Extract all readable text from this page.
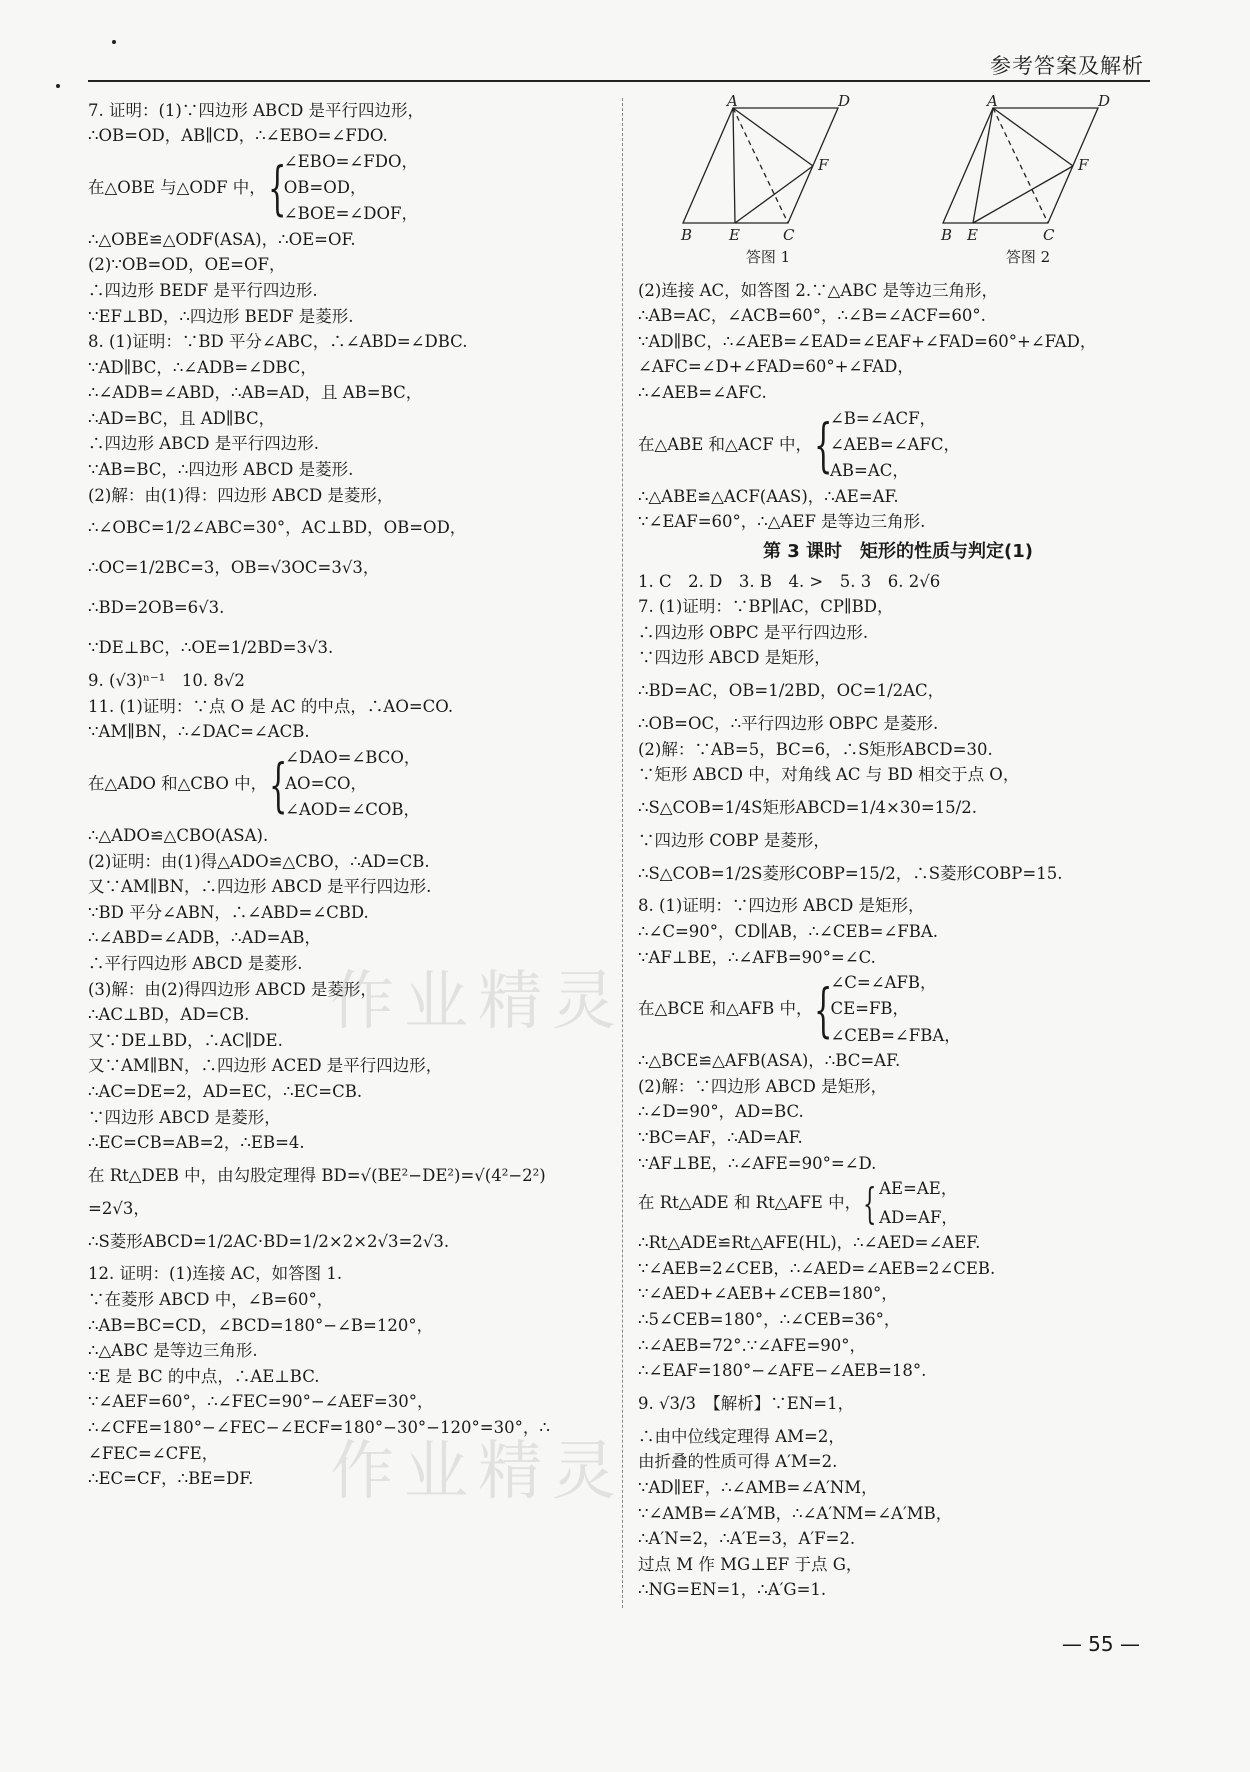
参考答案及解析
7. 证明：(1)∵四边形 ABCD 是平行四边形，
∴OB=OD，AB∥CD，∴∠EBO=∠FDO.
在△OBE 与△ODF 中， {
∠EBO=∠FDO，
OB=OD，
∠BOE=∠DOF，
∴△OBE≌△ODF(ASA)，∴OE=OF.
(2)∵OB=OD，OE=OF，
∴四边形 BEDF 是平行四边形.
∵EF⊥BD，∴四边形 BEDF 是菱形.
8. (1)证明：∵BD 平分∠ABC，∴∠ABD=∠DBC.
∵AD∥BC，∴∠ADB=∠DBC，
∴∠ADB=∠ABD，∴AB=AD，且 AB=BC，
∴AD=BC，且 AD∥BC，
∴四边形 ABCD 是平行四边形.
∵AB=BC，∴四边形 ABCD 是菱形.
(2)解：由(1)得：四边形 ABCD 是菱形，
∴∠OBC=1/2∠ABC=30°，AC⊥BD，OB=OD，
∴OC=1/2BC=3，OB=√3OC=3√3，
∴BD=2OB=6√3.
∵DE⊥BC，∴OE=1/2BD=3√3.
9. (√3)ⁿ⁻¹　10. 8√2
11. (1)证明：∵点 O 是 AC 的中点，∴AO=CO.
∵AM∥BN，∴∠DAC=∠ACB.
在△ADO 和△CBO 中， {
∠DAO=∠BCO，
AO=CO，
∠AOD=∠COB，
∴△ADO≌△CBO(ASA).
(2)证明：由(1)得△ADO≌△CBO，∴AD=CB.
又∵AM∥BN，∴四边形 ABCD 是平行四边形.
∵BD 平分∠ABN，∴∠ABD=∠CBD.
∴∠ABD=∠ADB，∴AD=AB，
∴平行四边形 ABCD 是菱形.
(3)解：由(2)得四边形 ABCD 是菱形，
∴AC⊥BD，AD=CB.
又∵DE⊥BD，∴AC∥DE.
又∵AM∥BN，∴四边形 ACED 是平行四边形，
∴AC=DE=2，AD=EC，∴EC=CB.
∵四边形 ABCD 是菱形，
∴EC=CB=AB=2，∴EB=4.
在 Rt△DEB 中，由勾股定理得 BD=√(BE²−DE²)=√(4²−2²)
=2√3，
∴S菱形ABCD=1/2AC·BD=1/2×2×2√3=2√3.
12. 证明：(1)连接 AC，如答图 1.
∵在菱形 ABCD 中，∠B=60°，
∴AB=BC=CD，∠BCD=180°−∠B=120°，
∴△ABC 是等边三角形.
∵E 是 BC 的中点，∴AE⊥BC.
∵∠AEF=60°，∴∠FEC=90°−∠AEF=30°，
∴∠CFE=180°−∠FEC−∠ECF=180°−30°−120°=30°，∴
∠FEC=∠CFE，
∴EC=CF，∴BE=DF.
A	D
F
B E	C
答图 1
A	D
F
B E	C
答图 2
(2)连接 AC，如答图 2.∵△ABC 是等边三角形，
∴AB=AC，∠ACB=60°，∴∠B=∠ACF=60°.
∵AD∥BC，∴∠AEB=∠EAD=∠EAF+∠FAD=60°+∠FAD，
∠AFC=∠D+∠FAD=60°+∠FAD，
∴∠AEB=∠AFC.
在△ABE 和△ACF 中， {
∠B=∠ACF，
∠AEB=∠AFC，
AB=AC，
∴△ABE≌△ACF(AAS)，∴AE=AF.
∵∠EAF=60°，∴△AEF 是等边三角形.
第 3 课时　矩形的性质与判定(1)
1. C　2. D　3. B　4. >　5. 3　6. 2√6
7. (1)证明：∵BP∥AC，CP∥BD，
∴四边形 OBPC 是平行四边形.
∵四边形 ABCD 是矩形，
∴BD=AC，OB=1/2BD，OC=1/2AC，
∴OB=OC，∴平行四边形 OBPC 是菱形.
(2)解：∵AB=5，BC=6，∴S矩形ABCD=30.
∵矩形 ABCD 中，对角线 AC 与 BD 相交于点 O，
∴S△COB=1/4S矩形ABCD=1/4×30=15/2.
∵四边形 COBP 是菱形，
∴S△COB=1/2S菱形COBP=15/2，∴S菱形COBP=15.
8. (1)证明：∵四边形 ABCD 是矩形，
∴∠C=90°，CD∥AB，∴∠CEB=∠FBA.
∵AF⊥BE，∴∠AFB=90°=∠C.
在△BCE 和△AFB 中， {
∠C=∠AFB，
CE=FB，
∠CEB=∠FBA，
∴△BCE≌△AFB(ASA)，∴BC=AF.
(2)解：∵四边形 ABCD 是矩形，
∴∠D=90°，AD=BC.
∵BC=AF，∴AD=AF.
∵AF⊥BE，∴∠AFE=90°=∠D.
在 Rt△ADE 和 Rt△AFE 中， { AE=AE，
AD=AF，
∴Rt△ADE≌Rt△AFE(HL)，∴∠AED=∠AEF.
∵∠AEB=2∠CEB，∴∠AED=∠AEB=2∠CEB.
∵∠AED+∠AEB+∠CEB=180°，
∴5∠CEB=180°，∴∠CEB=36°，
∴∠AEB=72°.∵∠AFE=90°，
∴∠EAF=180°−∠AFE−∠AEB=18°.
9. √3/3　【解析】∵EN=1，
∴由中位线定理得 AM=2，
由折叠的性质可得 A′M=2.
∵AD∥EF，∴∠AMB=∠A′NM，
∵∠AMB=∠A′MB，∴∠A′NM=∠A′MB，
∴A′N=2，∴A′E=3，A′F=2.
过点 M 作 MG⊥EF 于点 G，
∴NG=EN=1，∴A′G=1.
作业精灵
作业精灵
— 55 —
